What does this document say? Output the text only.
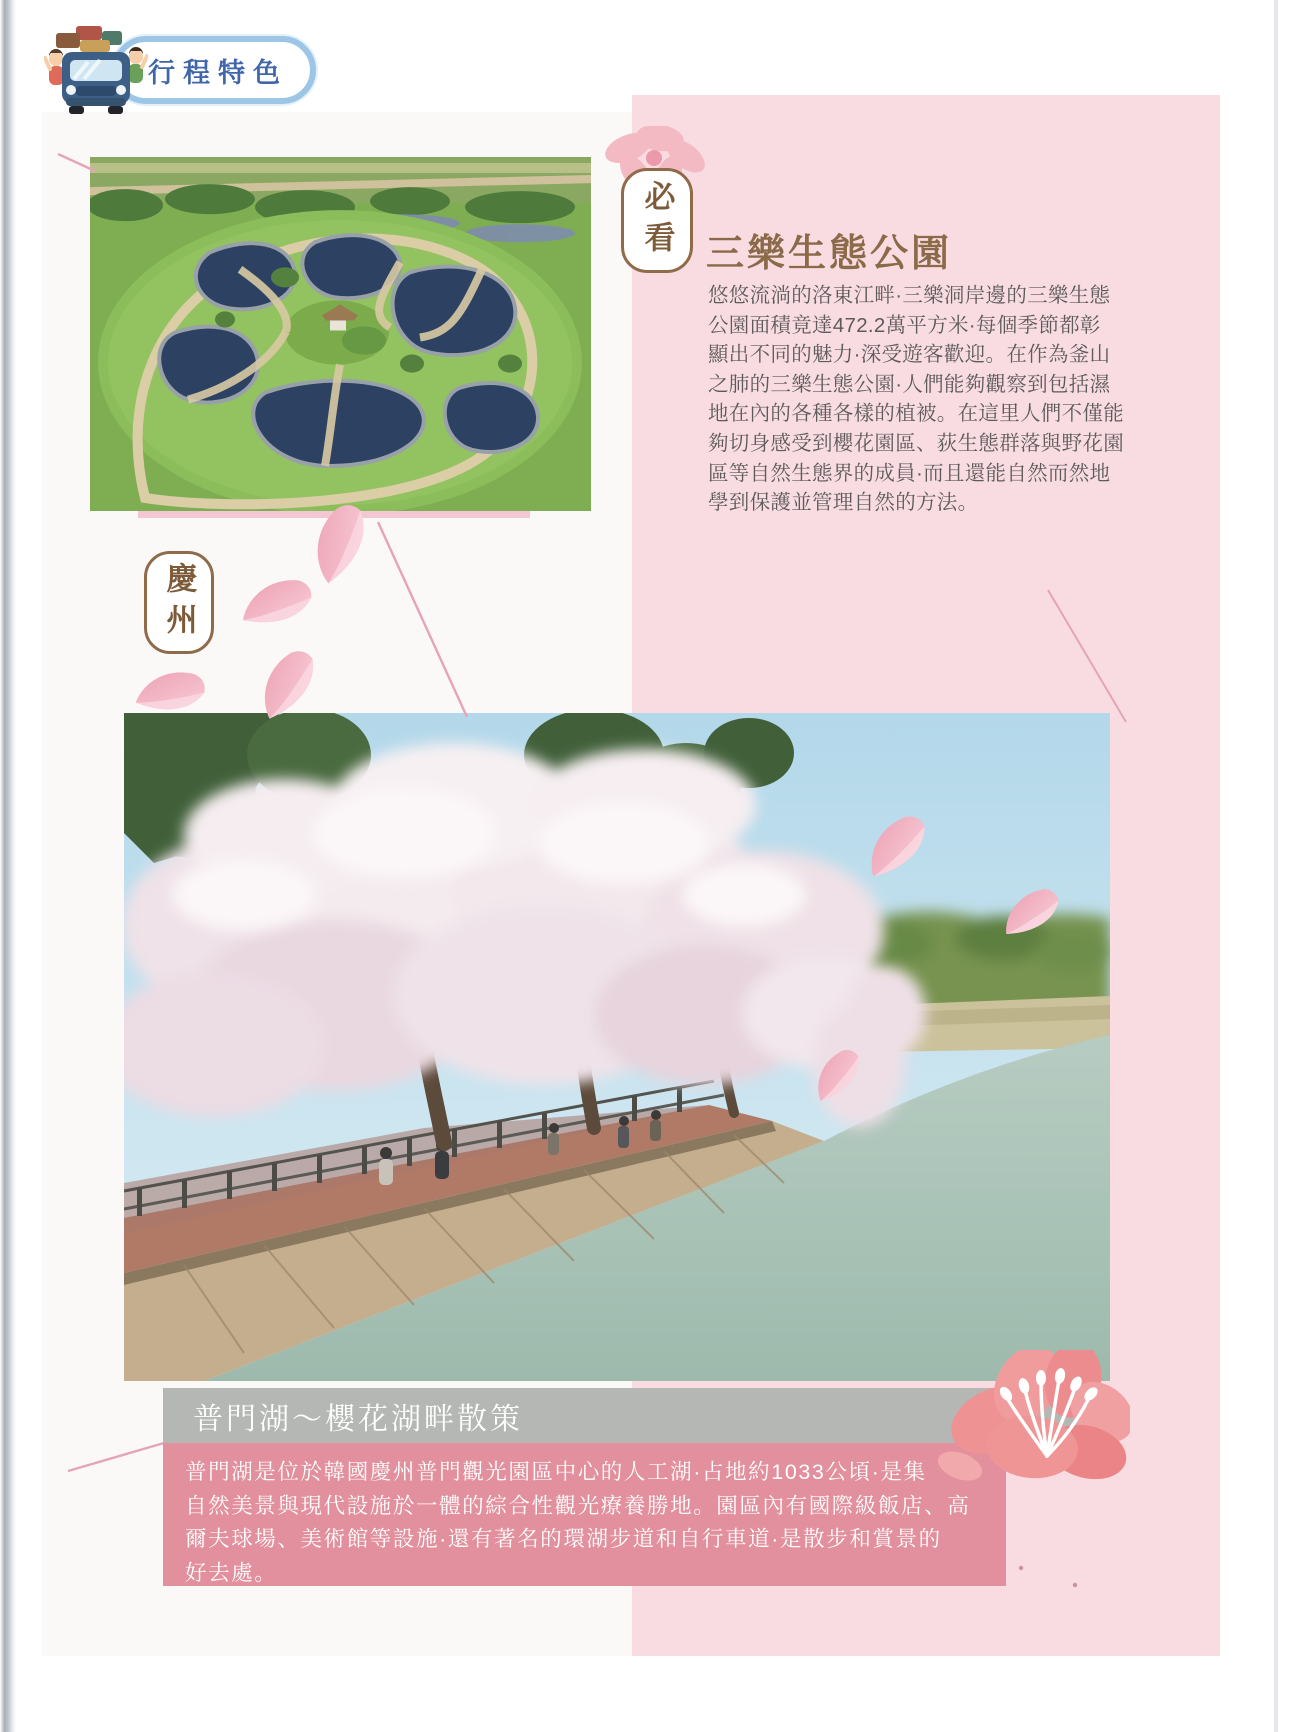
行程特色
必看 三樂生態公園
悠悠流淌的洛東江畔·三樂洞岸邊的三樂生態
公園面積竟達472.2萬平方米·每個季節都彰
顯出不同的魅力·深受遊客歡迎。在作為釜山
之肺的三樂生態公園·人們能夠觀察到包括濕
地在內的各種各樣的植被。在這里人們不僅能
夠切身感受到櫻花園區、荻生態群落與野花園
區等自然生態界的成員·而且還能自然而然地
學到保護並管理自然的方法。
慶州
普門湖～櫻花湖畔散策
普門湖是位於韓國慶州普門觀光園區中心的人工湖·占地約1033公頃·是集
自然美景與現代設施於一體的綜合性觀光療養勝地。園區內有國際級飯店、高
爾夫球場、美術館等設施·還有著名的環湖步道和自行車道·是散步和賞景的
好去處。
